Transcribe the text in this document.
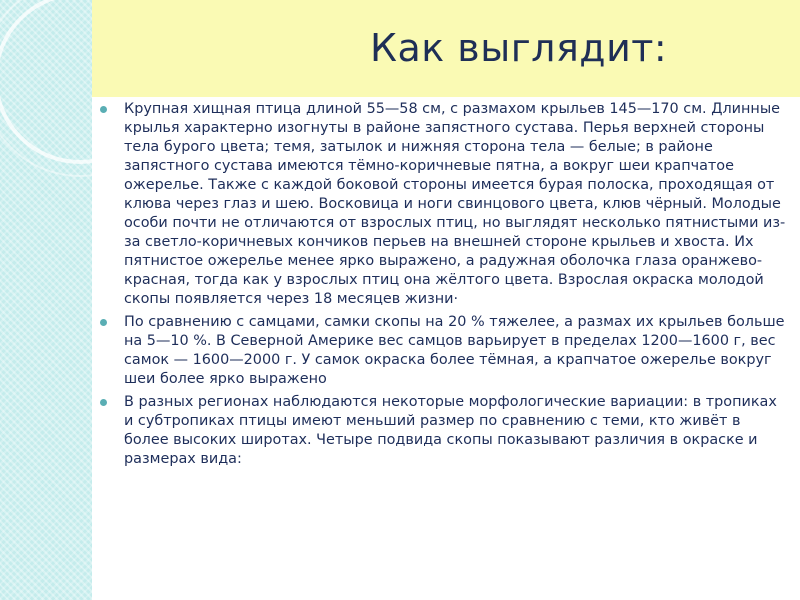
Как выглядит:
Крупная хищная птица длиной 55—58 см, с размахом крыльев 145—170 см. Длинные крылья характерно изогнуты в районе запястного сустава. Перья верхней стороны тела бурого цвета; темя, затылок и нижняя сторона тела — белые; в районе запястного сустава имеются тёмно-коричневые пятна, а вокруг шеи крапчатое ожерелье. Также с каждой боковой стороны имеется бурая полоска, проходящая от клюва через глаз и шею. Восковица и ноги свинцового цвета, клюв чёрный. Молодые особи почти не отличаются от взрослых птиц, но выглядят несколько пятнистыми из-за светло-коричневых кончиков перьев на внешней стороне крыльев и хвоста. Их пятнистое ожерелье менее ярко выражено, а радужная оболочка глаза оранжево-красная, тогда как у взрослых птиц она жёлтого цвета. Взрослая окраска молодой скопы появляется через 18 месяцев жизни·
По сравнению с самцами, самки скопы на 20 % тяжелее, а размах их крыльев больше на 5—10 %. В Северной Америке вес самцов варьирует в пределах 1200—1600 г, вес самок — 1600—2000 г. У самок окраска более тёмная, а крапчатое ожерелье вокруг шеи более ярко выражено
В разных регионах наблюдаются некоторые морфологические вариации: в тропиках и субтропиках птицы имеют меньший размер по сравнению с теми, кто живёт в более высоких широтах. Четыре подвида скопы показывают различия в окраске и размерах вида:
